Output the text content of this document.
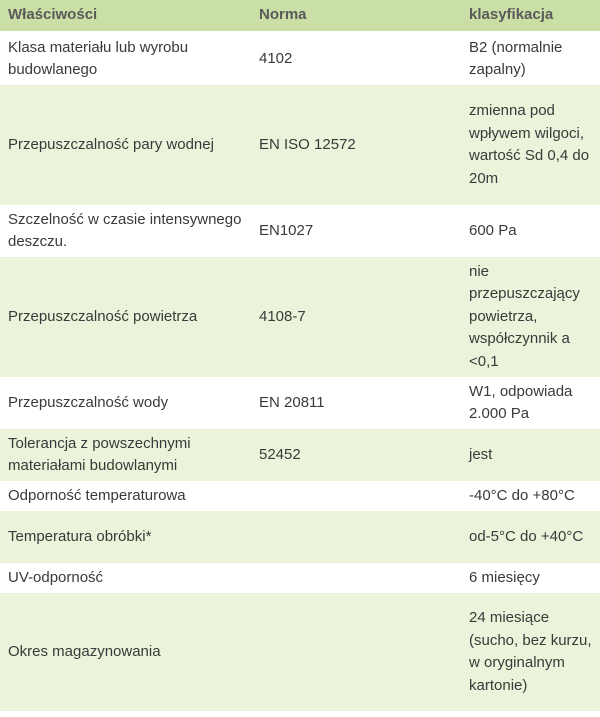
Właściwości	Norma	klasyfikacja
Klasa materiału lub wyrobu budowlanego	4102	B2 (normalnie zapalny)
Przepuszczalność pary wodnej	EN ISO 12572	zmienna pod wpływem wilgoci, wartość Sd 0,4 do 20m
Szczelność w czasie intensywnego deszczu.	EN1027	600 Pa
Przepuszczalność powietrza	4108-7	nie przepuszczający powietrza, współczynnik a <0,1
Przepuszczalność wody	EN 20811	W1, odpowiada 2.000 Pa
Tolerancja z powszechnymi materiałami budowlanymi	52452	jest
Odporność temperaturowa		-40°C do +80°C
Temperatura obróbki*		od-5°C do +40°C
UV-odporność		6 miesięcy
Okres magazynowania		24 miesiące (sucho, bez kurzu, w oryginalnym kartonie)
